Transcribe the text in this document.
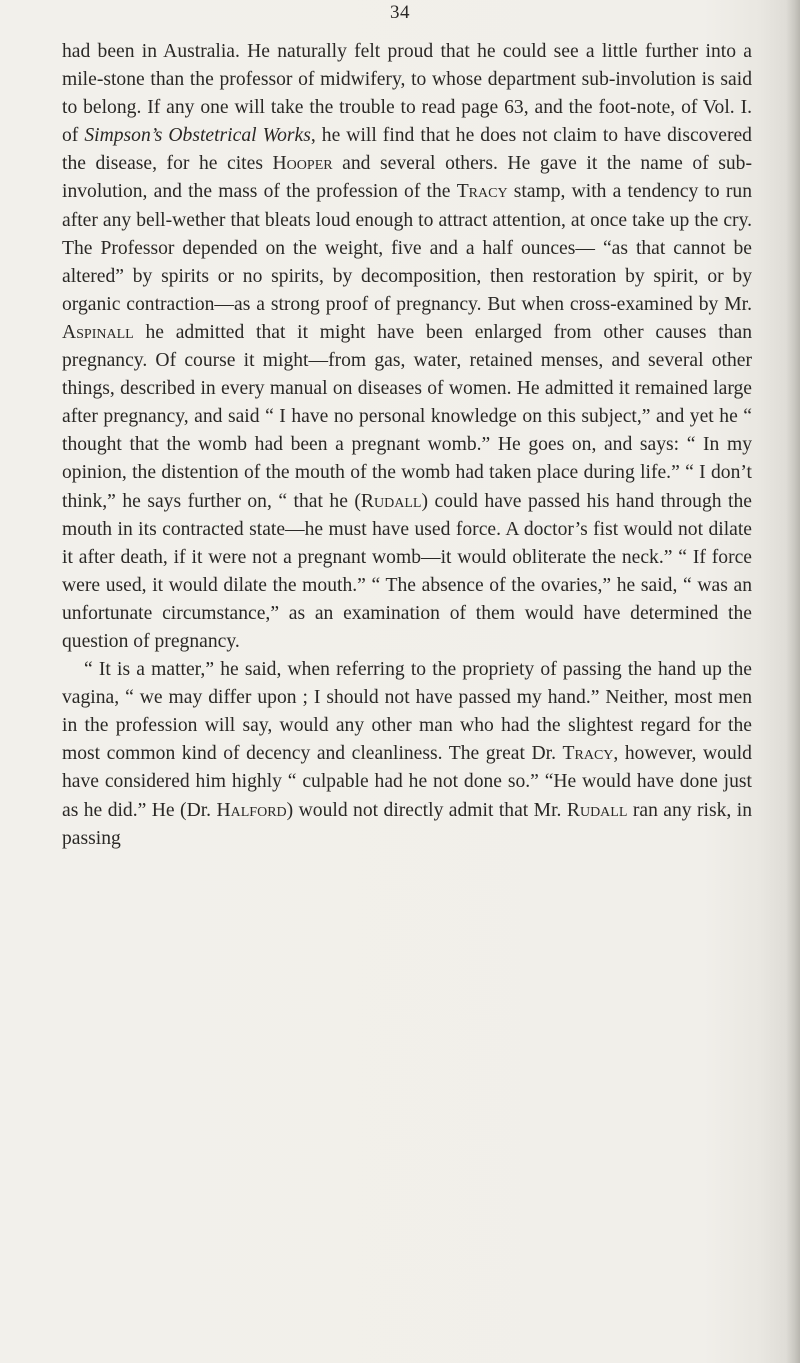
34

had been in Australia. He naturally felt proud that he could see a little further into a mile-stone than the professor of midwifery, to whose department sub-involution is said to belong. If any one will take the trouble to read page 63, and the foot-note, of Vol. I. of Simpson’s Obstetrical Works, he will find that he does not claim to have discovered the disease, for he cites Hooper and several others. He gave it the name of sub-involution, and the mass of the profession of the Tracy stamp, with a tendency to run after any bell-wether that bleats loud enough to attract attention, at once take up the cry. The Professor depended on the weight, five and a half ounces— “as that cannot be altered” by spirits or no spirits, by decomposition, then restoration by spirit, or by organic contraction—as a strong proof of pregnancy. But when cross-examined by Mr. Aspinall he admitted that it might have been enlarged from other causes than pregnancy. Of course it might—from gas, water, retained menses, and several other things, described in every manual on diseases of women. He admitted it remained large after pregnancy, and said “ I have no personal knowledge on this subject,” and yet he “ thought that the womb had been a pregnant womb.” He goes on, and says: “ In my opinion, the distention of the mouth of the womb had taken place during life.” “ I don’t think,” he says further on, “ that he (Rudall) could have passed his hand through the mouth in its contracted state—he must have used force. A doctor’s fist would not dilate it after death, if it were not a pregnant womb—it would obliterate the neck.” “ If force were used, it would dilate the mouth.” “ The absence of the ovaries,” he said, “ was an unfortunate circumstance,” as an examination of them would have determined the question of pregnancy.

“ It is a matter,” he said, when referring to the propriety of passing the hand up the vagina, “ we may differ upon ; I should not have passed my hand.” Neither, most men in the profession will say, would any other man who had the slightest regard for the most common kind of decency and cleanliness. The great Dr. Tracy, however, would have considered him highly “ culpable had he not done so.” “He would have done just as he did.” He (Dr. Halford) would not directly admit that Mr. Rudall ran any risk, in passing
